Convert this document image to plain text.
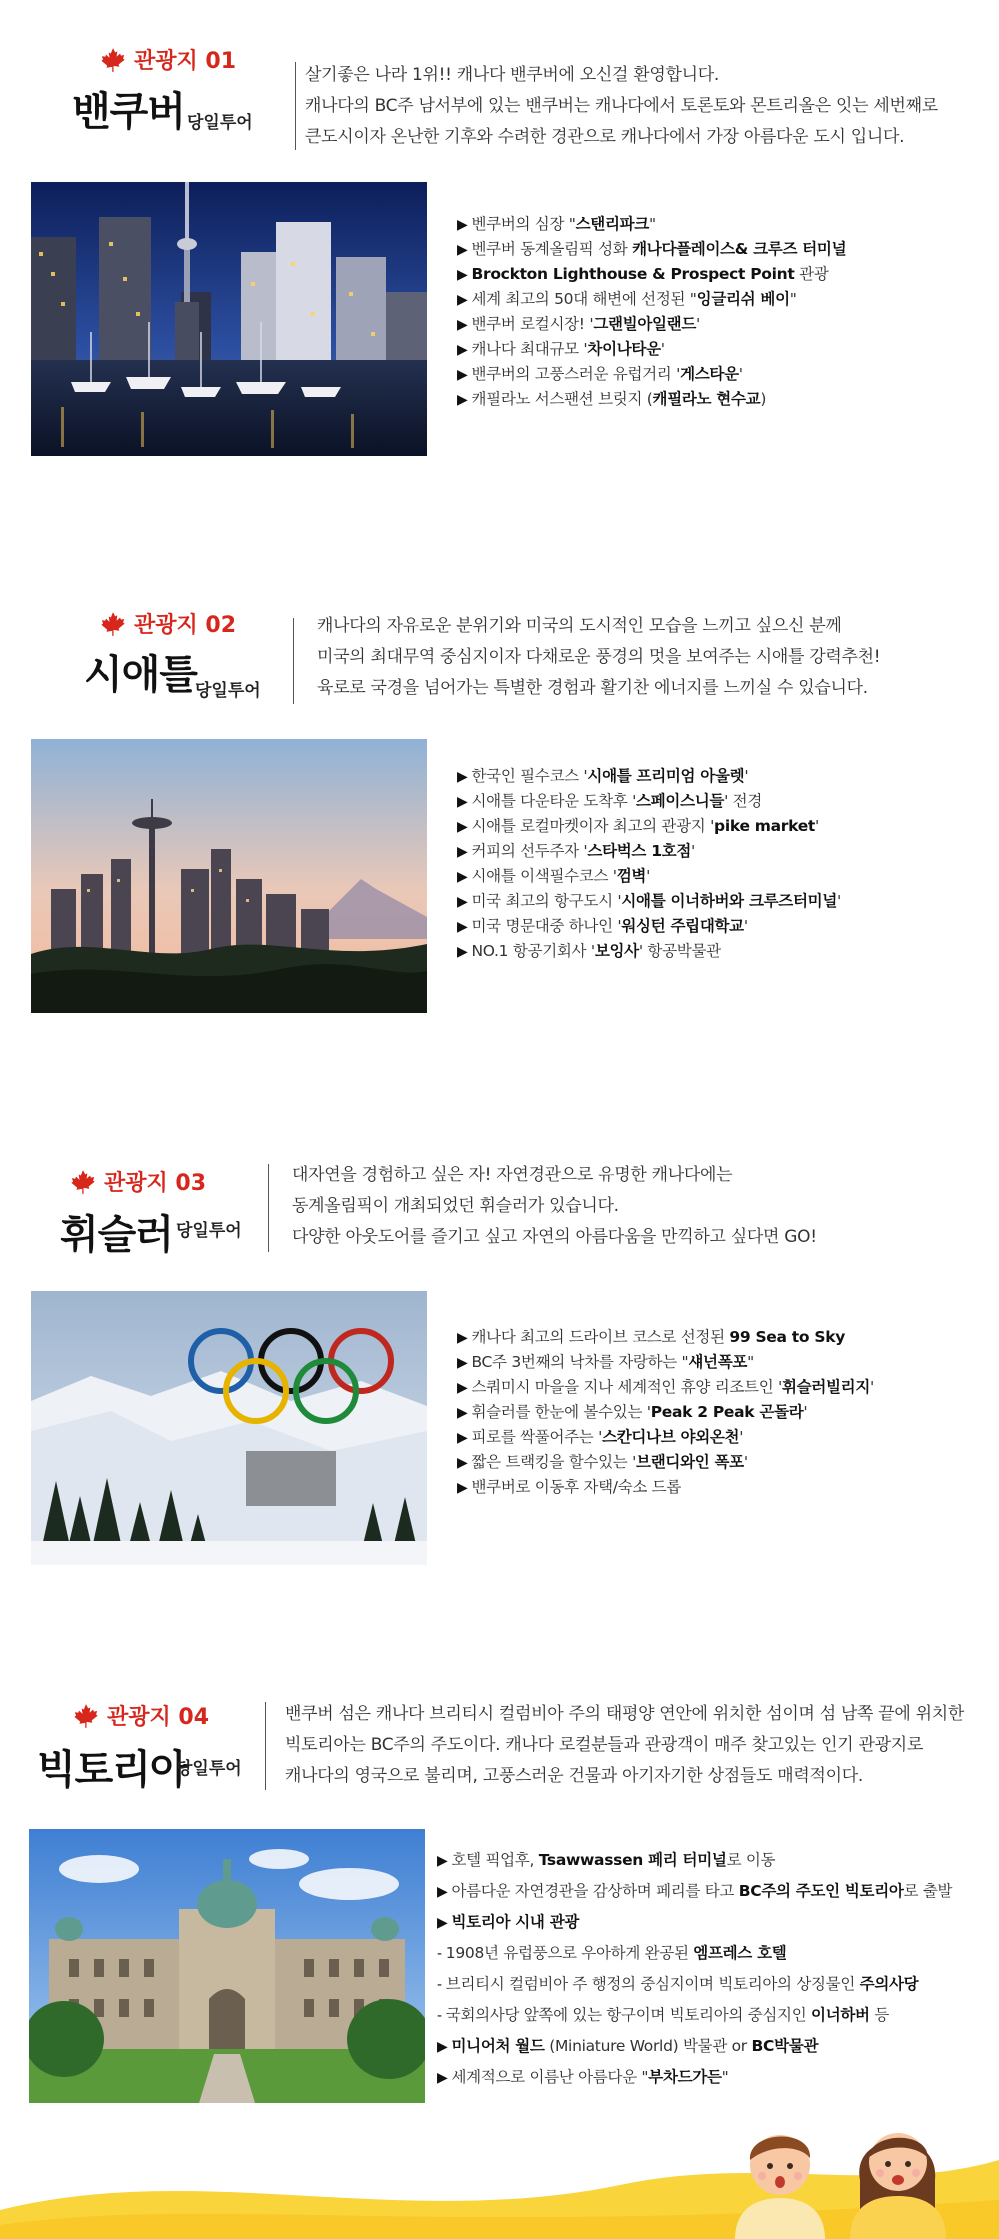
관광지 01
밴쿠버 당일투어
살기좋은 나라 1위!! 캐나다 밴쿠버에 오신걸 환영합니다.
캐나다의 BC주 남서부에 있는 밴쿠버는 캐나다에서 토론토와 몬트리올은 잇는 세번째로
큰도시이자 온난한 기후와 수려한 경관으로 캐나다에서 가장 아름다운 도시 입니다.
▶ 벤쿠버의 심장 "스탠리파크"
▶ 벤쿠버 동계올림픽 성화 캐나다플레이스& 크루즈 터미널
▶ Brockton Lighthouse & Prospect Point 관광
▶ 세계 최고의 50대 해변에 선정된 "잉글리쉬 베이"
▶ 밴쿠버 로컬시장! '그랜빌아일랜드'
▶ 캐나다 최대규모 '차이나타운'
▶ 밴쿠버의 고풍스러운 유럽거리 '게스타운'
▶ 캐필라노 서스팬션 브릿지 (캐필라노 현수교)
관광지 02
시애틀
당일투어
캐나다의 자유로운 분위기와 미국의 도시적인 모습을 느끼고 싶으신 분께
미국의 최대무역 중심지이자 다채로운 풍경의 멋을 보여주는 시애틀 강력추천!
육로로 국경을 넘어가는 특별한 경험과 활기찬 에너지를 느끼실 수 있습니다.
▶ 한국인 필수코스 '시애틀 프리미엄 아울렛'
▶ 시애틀 다운타운 도착후 '스페이스니들' 전경
▶ 시애틀 로컬마켓이자 최고의 관광지 'pike market'
▶ 커피의 선두주자 '스타벅스 1호점'
▶ 시애틀 이색필수코스 '껌벽'
▶ 미국 최고의 항구도시 '시애틀 이너하버와 크루즈터미널'
▶ 미국 명문대중 하나인 '워싱턴 주립대학교'
▶ NO.1 항공기회사 '보잉사' 항공박물관
관광지 03
휘슬러 당일투어
대자연을 경험하고 싶은 자! 자연경관으로 유명한 캐나다에는
동계올림픽이 개최되었던 휘슬러가 있습니다.
다양한 아웃도어를 즐기고 싶고 자연의 아름다움을 만끽하고 싶다면 GO!
▶ 캐나다 최고의 드라이브 코스로 선정된 99 Sea to Sky
▶ BC주 3번째의 낙차를 자랑하는 "섀넌폭포"
▶ 스쿼미시 마을을 지나 세계적인 휴양 리조트인 '휘슬러빌리지'
▶ 휘슬러를 한눈에 볼수있는 'Peak 2 Peak 곤돌라'
▶ 피로를 싹풀어주는 '스칸디나브 야외온천'
▶ 짧은 트랙킹을 할수있는 '브랜디와인 폭포'
▶ 밴쿠버로 이동후 자택/숙소 드롭
관광지 04
빅토리아
당일투어
밴쿠버 섬은 캐나다 브리티시 컬럼비아 주의 태평양 연안에 위치한 섬이며 섬 남쪽 끝에 위치한
빅토리아는 BC주의 주도이다. 캐나다 로컬분들과 관광객이 매주 찾고있는 인기 관광지로
캐나다의 영국으로 불리며, 고풍스러운 건물과 아기자기한 상점들도 매력적이다.
▶ 호텔 픽업후, Tsawwassen 페리 터미널로 이동
▶ 아름다운 자연경관을 감상하며 페리를 타고 BC주의 주도인 빅토리아로 출발
▶ 빅토리아 시내 관광
- 1908년 유럽풍으로 우아하게 완공된 엠프레스 호텔
- 브리티시 컬럼비아 주 행정의 중심지이며 빅토리아의 상징물인 주의사당
- 국회의사당 앞쪽에 있는 항구이며 빅토리아의 중심지인 이너하버 등
▶ 미니어처 월드 (Miniature World) 박물관 or BC박물관
▶ 세계적으로 이름난 아름다운 "부차드가든"
